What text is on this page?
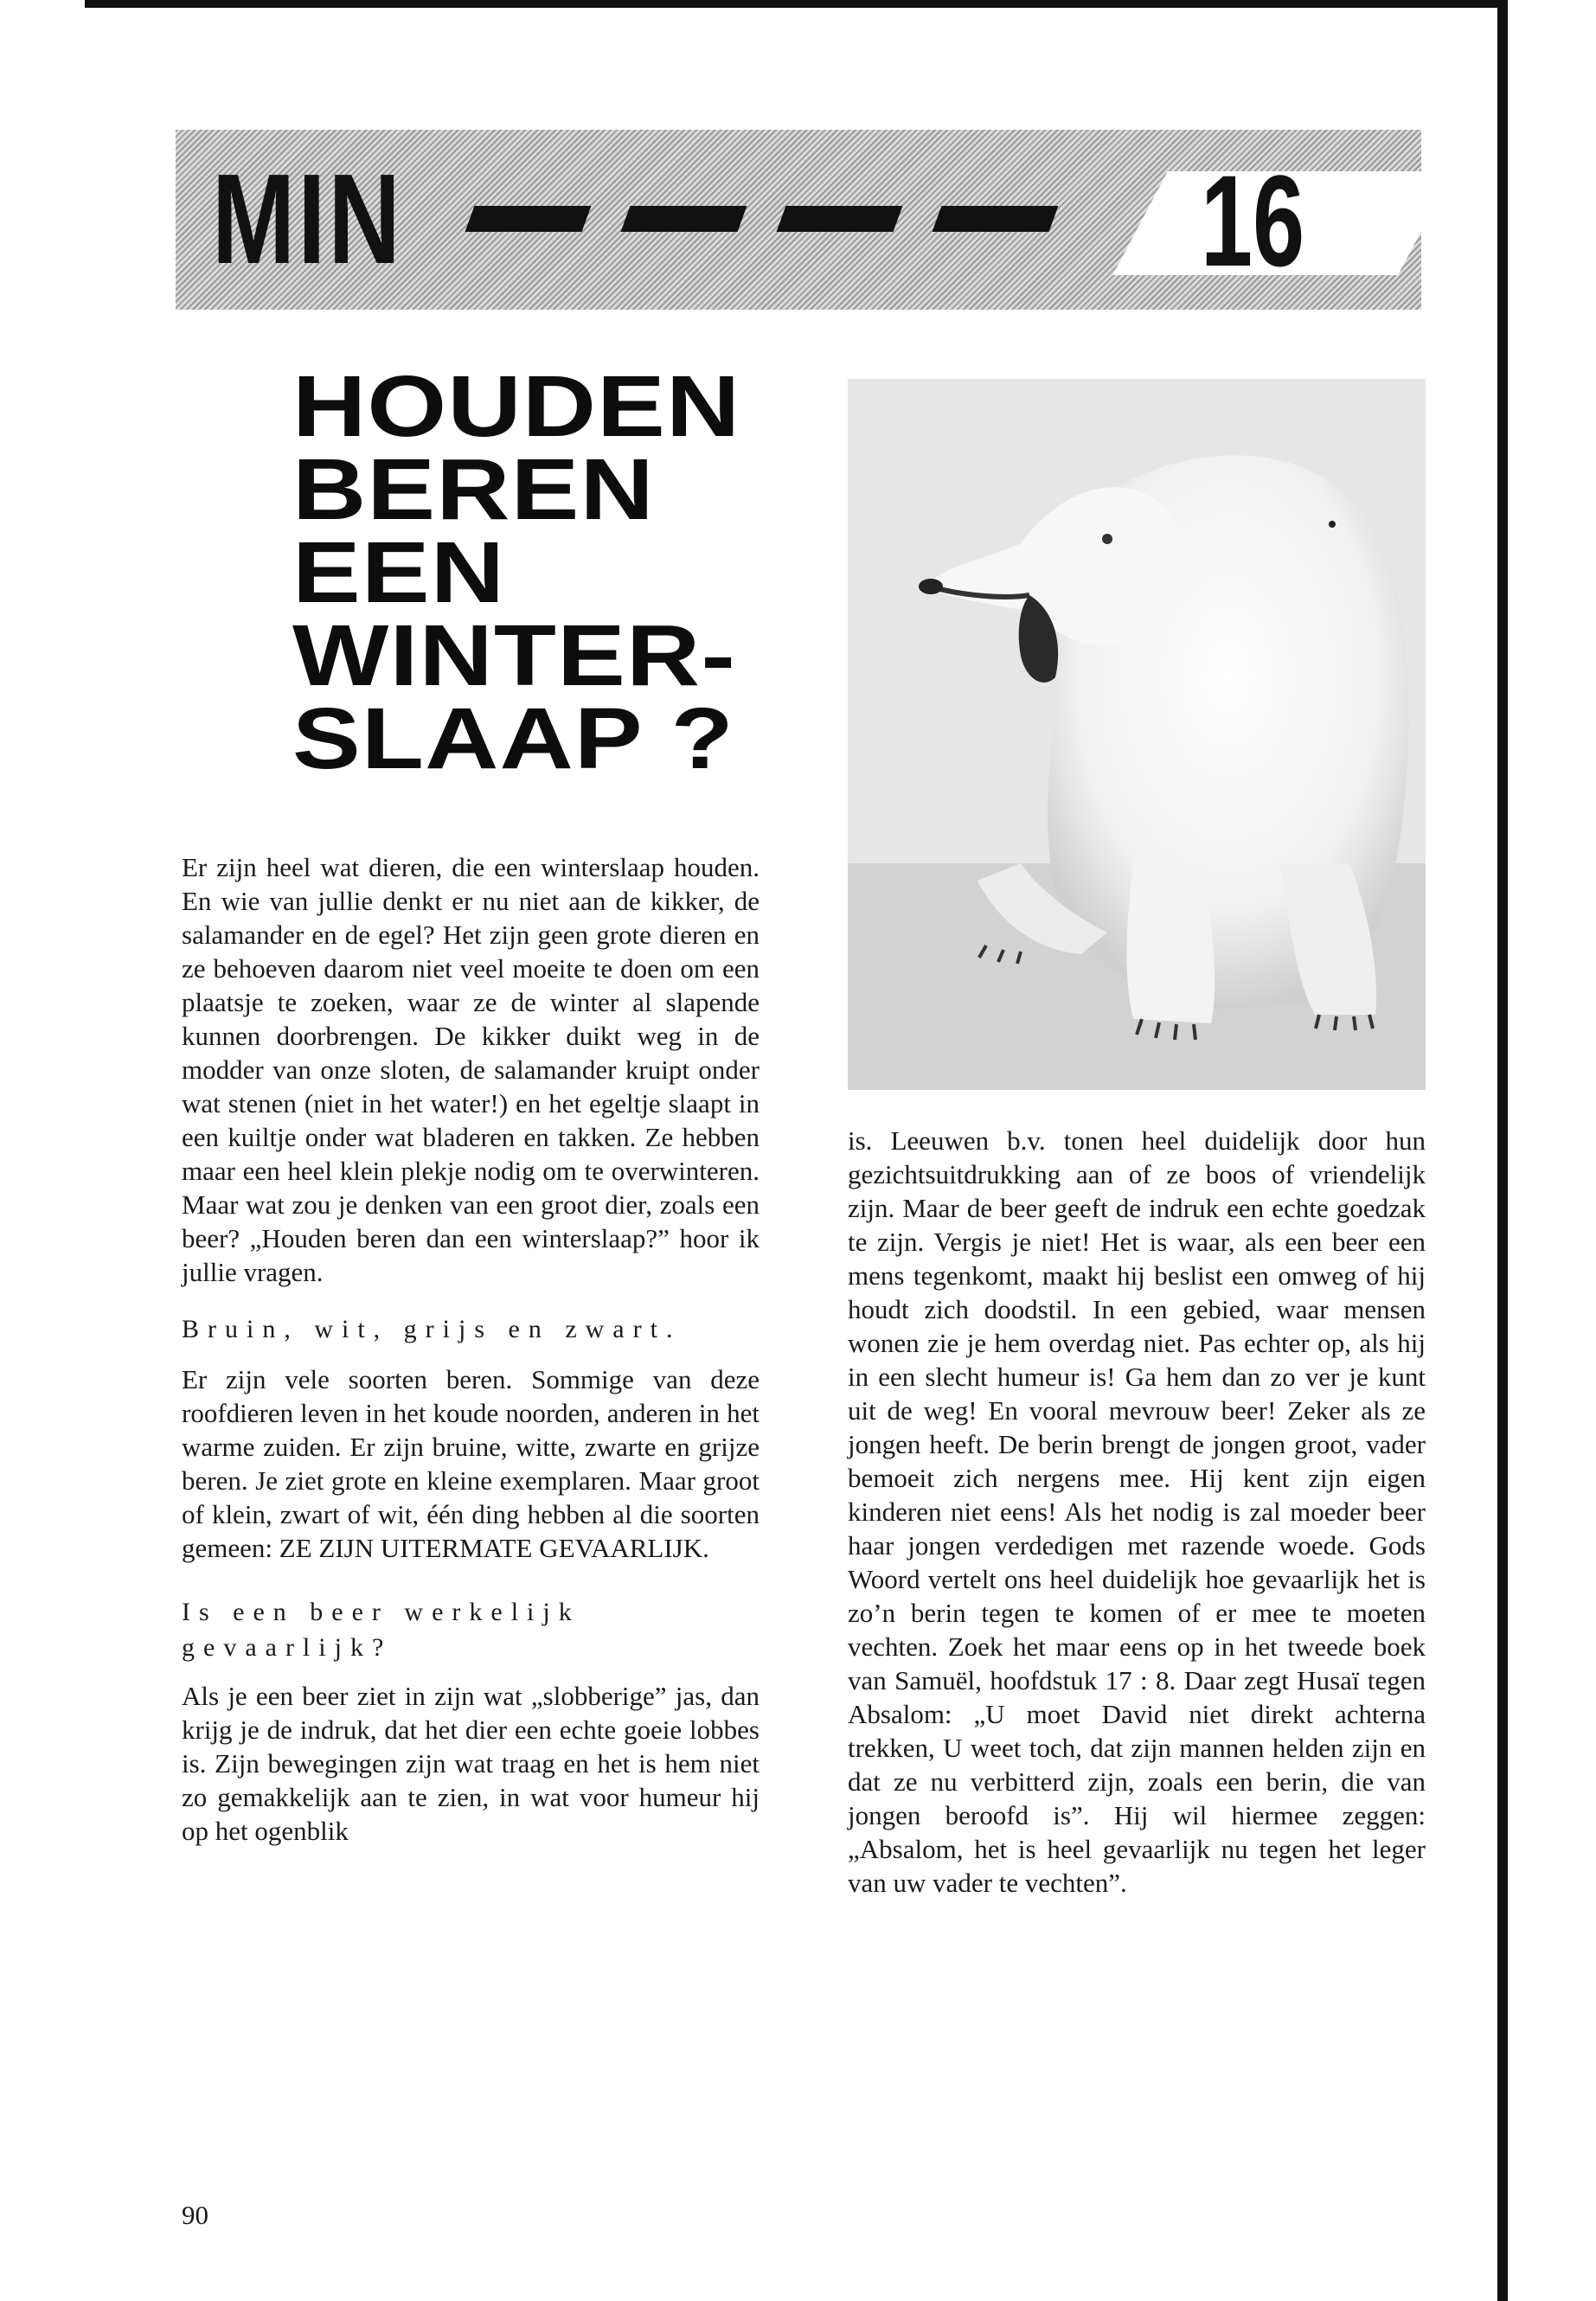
MIN	16
HOUDEN
BEREN
EEN
WINTER-
SLAAP ?

Er zijn heel wat dieren, die een winterslaap houden. En wie van jullie denkt er nu niet aan de kikker, de salamander en de egel? Het zijn geen grote dieren en ze behoeven daarom niet veel moeite te doen om een plaatsje te zoeken, waar ze de winter al slapende kunnen doorbrengen. De kikker duikt weg in de modder van onze sloten, de salamander kruipt onder wat stenen (niet in het water!) en het egeltje slaapt in een kuiltje onder wat bladeren en takken. Ze hebben maar een heel klein plekje nodig om te overwinteren. Maar wat zou je denken van een groot dier, zoals een beer? „Houden beren dan een winterslaap?” hoor ik jullie vragen.

Bruin, wit, grijs en zwart.

Er zijn vele soorten beren. Sommige van deze roofdieren leven in het koude noorden, anderen in het warme zuiden. Er zijn bruine, witte, zwarte en grijze beren. Je ziet grote en kleine exemplaren. Maar groot of klein, zwart of wit, één ding hebben al die soorten gemeen: ZE ZIJN UITERMATE GEVAARLIJK.

Is een beer werkelijk gevaarlijk?

Als je een beer ziet in zijn wat „slobberige” jas, dan krijg je de indruk, dat het dier een echte goeie lobbes is. Zijn bewegingen zijn wat traag en het is hem niet zo gemakkelijk aan te zien, in wat voor humeur hij op het ogenblik

is. Leeuwen b.v. tonen heel duidelijk door hun gezichtsuitdrukking aan of ze boos of vriendelijk zijn. Maar de beer geeft de indruk een echte goedzak te zijn. Vergis je niet! Het is waar, als een beer een mens tegenkomt, maakt hij beslist een omweg of hij houdt zich doodstil. In een gebied, waar mensen wonen zie je hem overdag niet. Pas echter op, als hij in een slecht humeur is! Ga hem dan zo ver je kunt uit de weg! En vooral mevrouw beer! Zeker als ze jongen heeft. De berin brengt de jongen groot, vader bemoeit zich nergens mee. Hij kent zijn eigen kinderen niet eens! Als het nodig is zal moeder beer haar jongen verdedigen met razende woede. Gods Woord vertelt ons heel duidelijk hoe gevaarlijk het is zo’n berin tegen te komen of er mee te moeten vechten. Zoek het maar eens op in het tweede boek van Samuël, hoofdstuk 17 : 8. Daar zegt Husaï tegen Absalom: „U moet David niet direkt achterna trekken, U weet toch, dat zijn mannen helden zijn en dat ze nu verbitterd zijn, zoals een berin, die van jongen beroofd is”. Hij wil hiermee zeggen: „Absalom, het is heel gevaarlijk nu tegen het leger van uw vader te vechten”.

90
